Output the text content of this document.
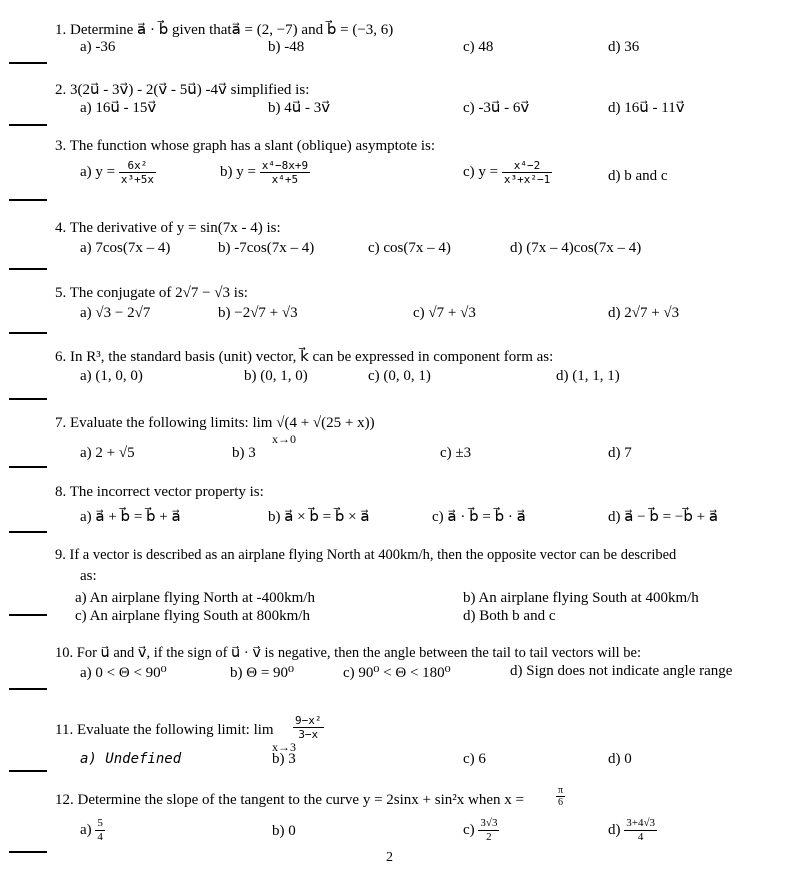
1. Determine a⃗ · b⃗ given thata⃗ = (2, −7) and b⃗ = (−3, 6)
a) -36	b) -48	c) 48	d) 36
2. 3(2u⃗ - 3v⃗) - 2(v⃗ - 5u⃗) -4v⃗ simplified is:
a) 16u⃗ - 15v⃗	b) 4u⃗ - 3v⃗	c) -3u⃗ - 6v⃗	d) 16u⃗ - 11v⃗
3. The function whose graph has a slant (oblique) asymptote is:
a) $y = \frac{\text{6x²}}{\text{x³+5x}}$	b) $y = \frac{\text{x⁴−8x+9}}{\text{x⁴+5}}$	c) $y = \frac{\text{x⁴−2}}{\text{x³+x²−1}}$	d) b and c
4. The derivative of y = sin(7x - 4) is:
a) 7cos(7x – 4)	b) -7cos(7x – 4)	c) cos(7x – 4)	d) (7x – 4)cos(7x – 4)
5. The conjugate of 2√7 − √3 is:
a) √3 − 2√7	b) −2√7 + √3	c) √7 + √3	d) 2√7 + √3
6. In R³, the standard basis (unit) vector, k⃗ can be expressed in component form as:
a) (1, 0, 0)	b) (0, 1, 0)	c) (0, 0, 1)	d) (1, 1, 1)
7. Evaluate the following limits: lim √(4 + √(25 + x))
x→0
a) 2 + √5	b) 3	c) ±3	d) 7
8. The incorrect vector property is:
a) a⃗ + b⃗ = b⃗ + a⃗	b) a⃗ × b⃗ = b⃗ × a⃗	c) a⃗ · b⃗ = b⃗ · a⃗	d) a⃗ − b⃗ = −b⃗ + a⃗
9. If a vector is described as an airplane flying North at 400km/h, then the opposite vector can be described
as:
a) An airplane flying North at -400km/h	b) An airplane flying South at 400km/h
c) An airplane flying South at 800km/h	d) Both b and c
10. For u⃗ and v⃗, if the sign of u⃗ · v⃗ is negative, then the angle between the tail to tail vectors will be:
a) 0 < Θ < 90⁰	b) Θ = 90⁰	c) 90⁰ < Θ < 180⁰	d) Sign does not indicate angle range
11. Evaluate the following limit: $\lim \frac{\text{9−x²}}{3-x}$
x→3
a) Undefined	b) 3	c) 6	d) 0
12. Determine the slope of the tangent to the curve y = 2sinx + sin²x when x =	$\frac{\pi}{6}$
$a) \frac{5}{4}$	b) 0	$c) \frac{3√3}{2}$	$d) \frac{3+4√3}{4}$
2
